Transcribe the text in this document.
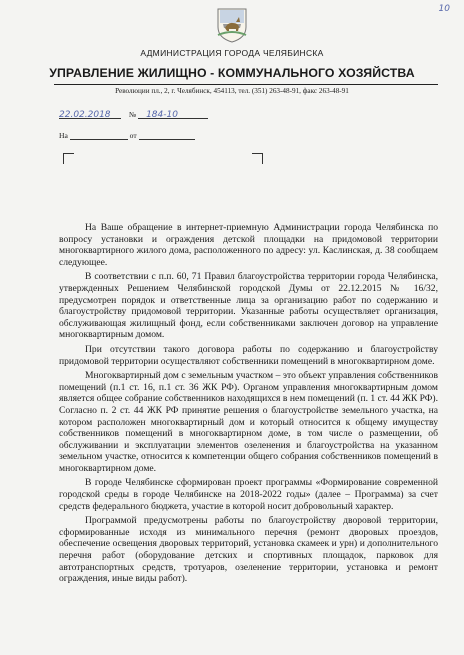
10
АДМИНИСТРАЦИЯ ГОРОДА ЧЕЛЯБИНСКА
УПРАВЛЕНИЕ ЖИЛИЩНО - КОММУНАЛЬНОГО ХОЗЯЙСТВА
Революции пл., 2, г. Челябинск, 454113, тел. (351) 263-48-91, факс 263-48-91
22.02.2018 № 184-10
На	от

На Ваше обращение в интернет-приемную Администрации города Челябинска по вопросу установки и ограждения детской площадки на придомовой территории многоквартирного жилого дома, расположенного по адресу: ул. Каслинская, д. 38 сообщаем следующее.

В соответствии с п.п. 60, 71 Правил благоустройства территории города Челябинска, утвержденных Решением Челябинской городской Думы от 22.12.2015 № 16/32, предусмотрен порядок и ответственные лица за организацию работ по содержанию и благоустройству придомовой территории. Указанные работы осуществляет организация, обслуживающая жилищный фонд, если собственниками заключен договор на управление многоквартирным домом.

При отсутствии такого договора работы по содержанию и благоустройству придомовой территории осуществляют собственники помещений в многоквартирном доме.

Многоквартирный дом с земельным участком – это объект управления собственников помещений (п.1 ст. 16, п.1 ст. 36 ЖК РФ). Органом управления многоквартирным домом является общее собрание собственников находящихся в нем помещений (п. 1 ст. 44 ЖК РФ). Согласно п. 2 ст. 44 ЖК РФ принятие решения о благоустройстве земельного участка, на котором расположен многоквартирный дом и который относится к общему имуществу собственников помещений в многоквартирном доме, в том числе о размещении, об обслуживании и эксплуатации элементов озеленения и благоустройства на указанном земельном участке, относится к компетенции общего собрания собственников помещений в многоквартирном доме.

В городе Челябинске сформирован проект программы «Формирование современной городской среды в городе Челябинске на 2018-2022 годы» (далее – Программа) за счет средств федерального бюджета, участие в которой носит добровольный характер.

Программой предусмотрены работы по благоустройству дворовой территории, сформированные исходя из минимального перечня (ремонт дворовых проездов, обеспечение освещения дворовых территорий, установка скамеек и урн) и дополнительного перечня работ (оборудование детских и спортивных площадок, парковок для автотранспортных средств, тротуаров, озеленение территории, установка и ремонт ограждения, иные виды работ).
